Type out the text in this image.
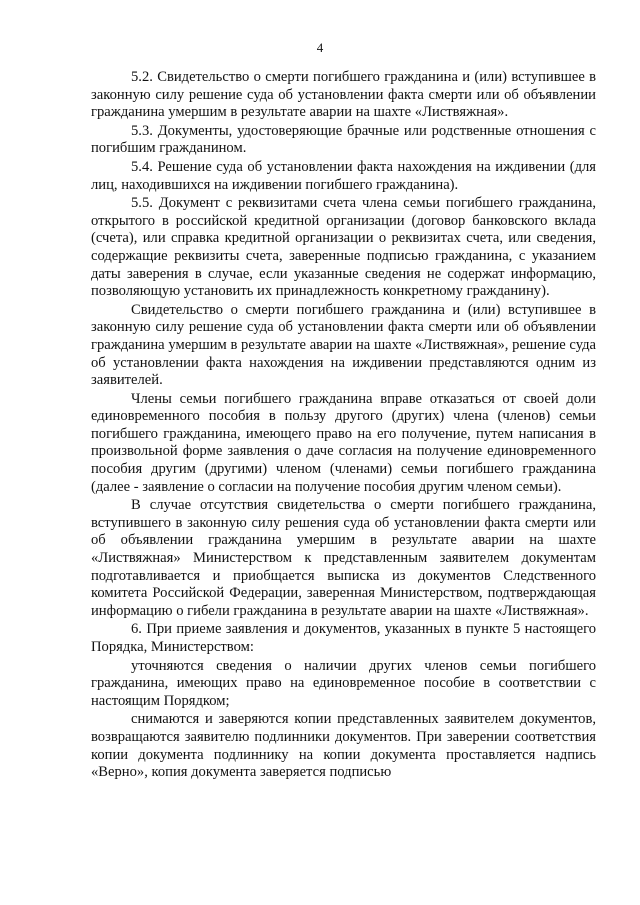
4

5.2. Свидетельство о смерти погибшего гражданина и (или) вступившее в законную силу решение суда об установлении факта смерти или об объявлении гражданина умершим в результате аварии на шахте «Листвяжная».

5.3. Документы, удостоверяющие брачные или родственные отношения с погибшим гражданином.

5.4. Решение суда об установлении факта нахождения на иждивении (для лиц, находившихся на иждивении погибшего гражданина).

5.5. Документ с реквизитами счета члена семьи погибшего гражданина, открытого в российской кредитной организации (договор банковского вклада (счета), или справка кредитной организации о реквизитах счета, или сведения, содержащие реквизиты счета, заверенные подписью гражданина, с указанием даты заверения в случае, если указанные сведения не содержат информацию, позволяющую установить их принадлежность конкретному гражданину).

Свидетельство о смерти погибшего гражданина и (или) вступившее в законную силу решение суда об установлении факта смерти или об объявлении гражданина умершим в результате аварии на шахте «Листвяжная», решение суда об установлении факта нахождения на иждивении представляются одним из заявителей.

Члены семьи погибшего гражданина вправе отказаться от своей доли единовременного пособия в пользу другого (других) члена (членов) семьи погибшего гражданина, имеющего право на его получение, путем написания в произвольной форме заявления о даче согласия на получение единовременного пособия другим (другими) членом (членами) семьи погибшего гражданина (далее - заявление о согласии на получение пособия другим членом семьи).

В случае отсутствия свидетельства о смерти погибшего гражданина, вступившего в законную силу решения суда об установлении факта смерти или об объявлении гражданина умершим в результате аварии на шахте «Листвяжная» Министерством к представленным заявителем документам подготавливается и приобщается выписка из документов Следственного комитета Российской Федерации, заверенная Министерством, подтверждающая информацию о гибели гражданина в результате аварии на шахте «Листвяжная».

6. При приеме заявления и документов, указанных в пункте 5 настоящего Порядка, Министерством:

уточняются сведения о наличии других членов семьи погибшего гражданина, имеющих право на единовременное пособие в соответствии с настоящим Порядком;

снимаются и заверяются копии представленных заявителем документов, возвращаются заявителю подлинники документов. При заверении соответствия копии документа подлиннику на копии документа проставляется надпись «Верно», копия документа заверяется подписью
